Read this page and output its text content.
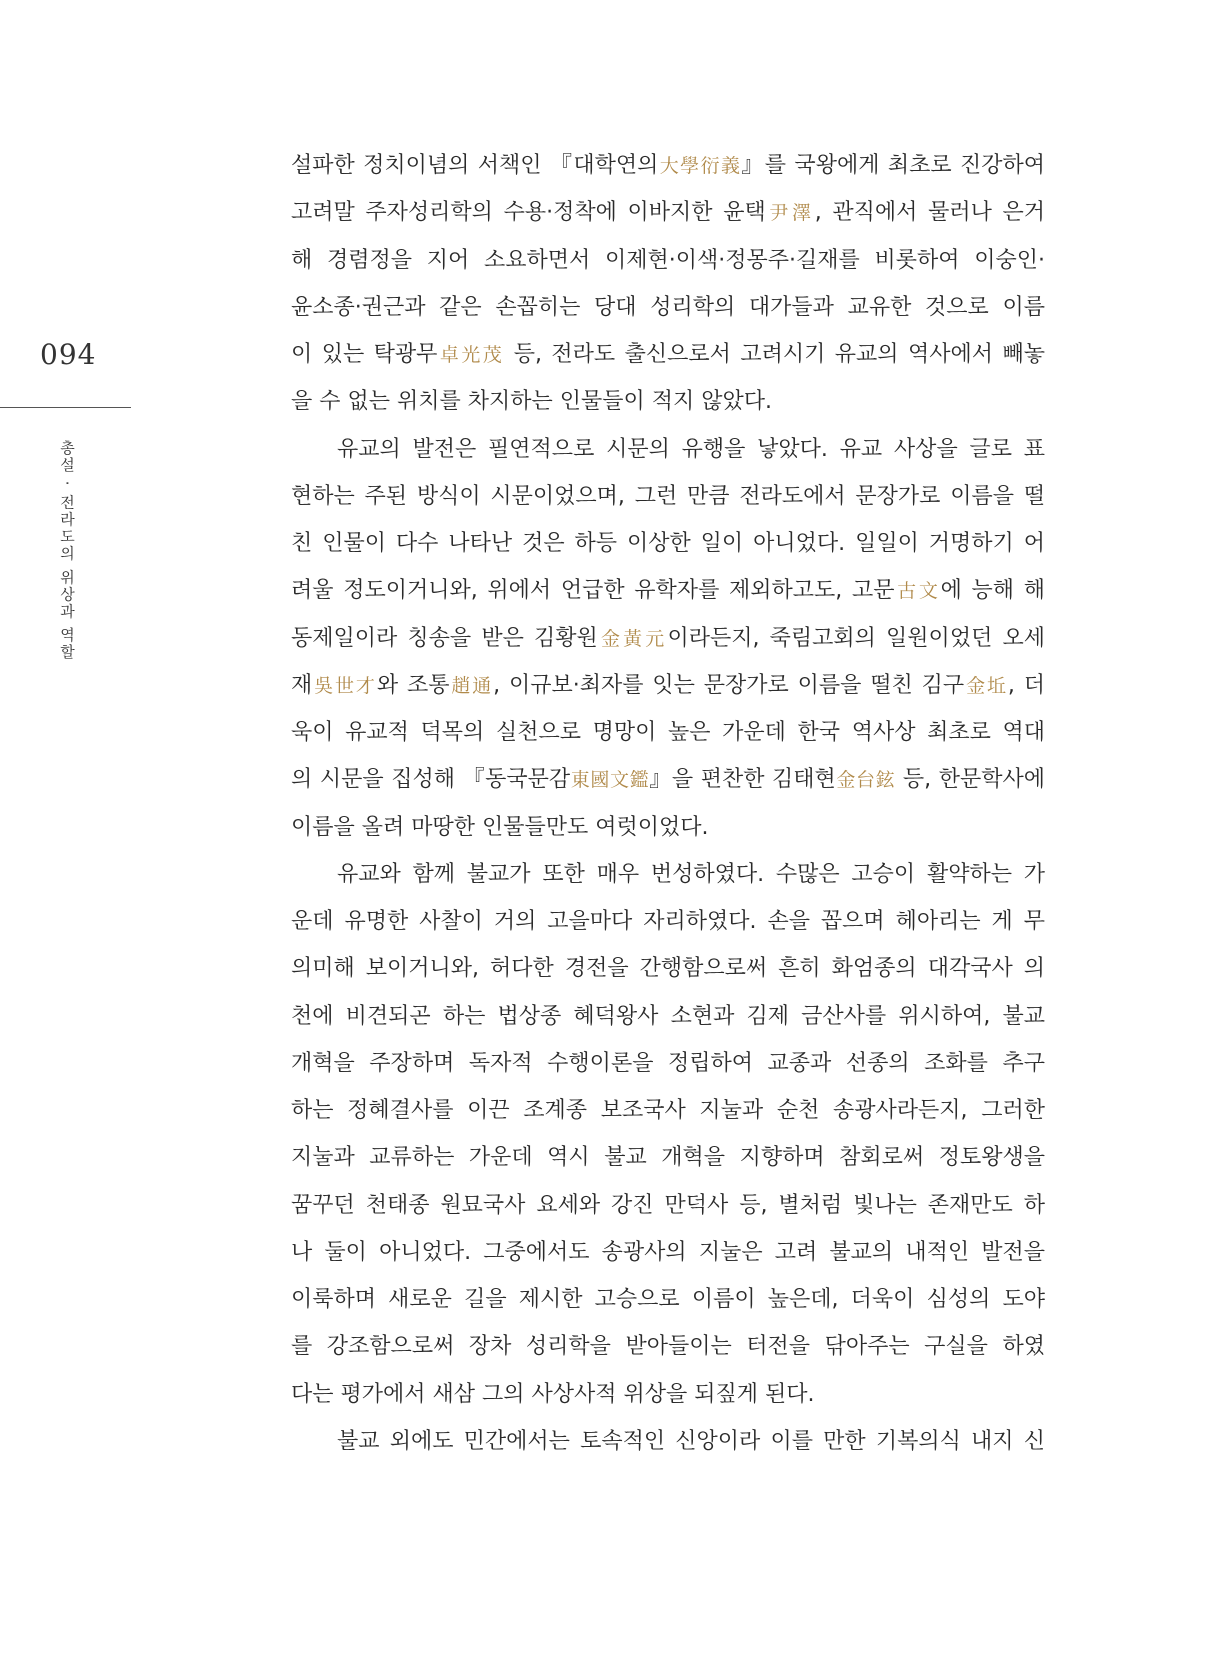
094
총설 · 전라도의 위상과 역할
설파한 정치이념의 서책인 『대학연의大學衍義』를 국왕에게 최초로 진강하여
고려말 주자성리학의 수용·정착에 이바지한 윤택尹澤, 관직에서 물러나 은거
해 경렴정을 지어 소요하면서 이제현·이색·정몽주·길재를 비롯하여 이숭인·
윤소종·권근과 같은 손꼽히는 당대 성리학의 대가들과 교유한 것으로 이름
이 있는 탁광무卓光茂 등, 전라도 출신으로서 고려시기 유교의 역사에서 빼놓
을 수 없는 위치를 차지하는 인물들이 적지 않았다.
유교의 발전은 필연적으로 시문의 유행을 낳았다. 유교 사상을 글로 표
현하는 주된 방식이 시문이었으며, 그런 만큼 전라도에서 문장가로 이름을 떨
친 인물이 다수 나타난 것은 하등 이상한 일이 아니었다. 일일이 거명하기 어
려울 정도이거니와, 위에서 언급한 유학자를 제외하고도, 고문古文에 능해 해
동제일이라 칭송을 받은 김황원金黃元이라든지, 죽림고회의 일원이었던 오세
재吳世才와 조통趙通, 이규보·최자를 잇는 문장가로 이름을 떨친 김구金坵, 더
욱이 유교적 덕목의 실천으로 명망이 높은 가운데 한국 역사상 최초로 역대
의 시문을 집성해 『동국문감東國文鑑』을 편찬한 김태현金台鉉 등, 한문학사에
이름을 올려 마땅한 인물들만도 여럿이었다.
유교와 함께 불교가 또한 매우 번성하였다. 수많은 고승이 활약하는 가
운데 유명한 사찰이 거의 고을마다 자리하였다. 손을 꼽으며 헤아리는 게 무
의미해 보이거니와, 허다한 경전을 간행함으로써 흔히 화엄종의 대각국사 의
천에 비견되곤 하는 법상종 혜덕왕사 소현과 김제 금산사를 위시하여, 불교
개혁을 주장하며 독자적 수행이론을 정립하여 교종과 선종의 조화를 추구
하는 정혜결사를 이끈 조계종 보조국사 지눌과 순천 송광사라든지, 그러한
지눌과 교류하는 가운데 역시 불교 개혁을 지향하며 참회로써 정토왕생을
꿈꾸던 천태종 원묘국사 요세와 강진 만덕사 등, 별처럼 빛나는 존재만도 하
나 둘이 아니었다. 그중에서도 송광사의 지눌은 고려 불교의 내적인 발전을
이룩하며 새로운 길을 제시한 고승으로 이름이 높은데, 더욱이 심성의 도야
를 강조함으로써 장차 성리학을 받아들이는 터전을 닦아주는 구실을 하였
다는 평가에서 새삼 그의 사상사적 위상을 되짚게 된다.
불교 외에도 민간에서는 토속적인 신앙이라 이를 만한 기복의식 내지 신
